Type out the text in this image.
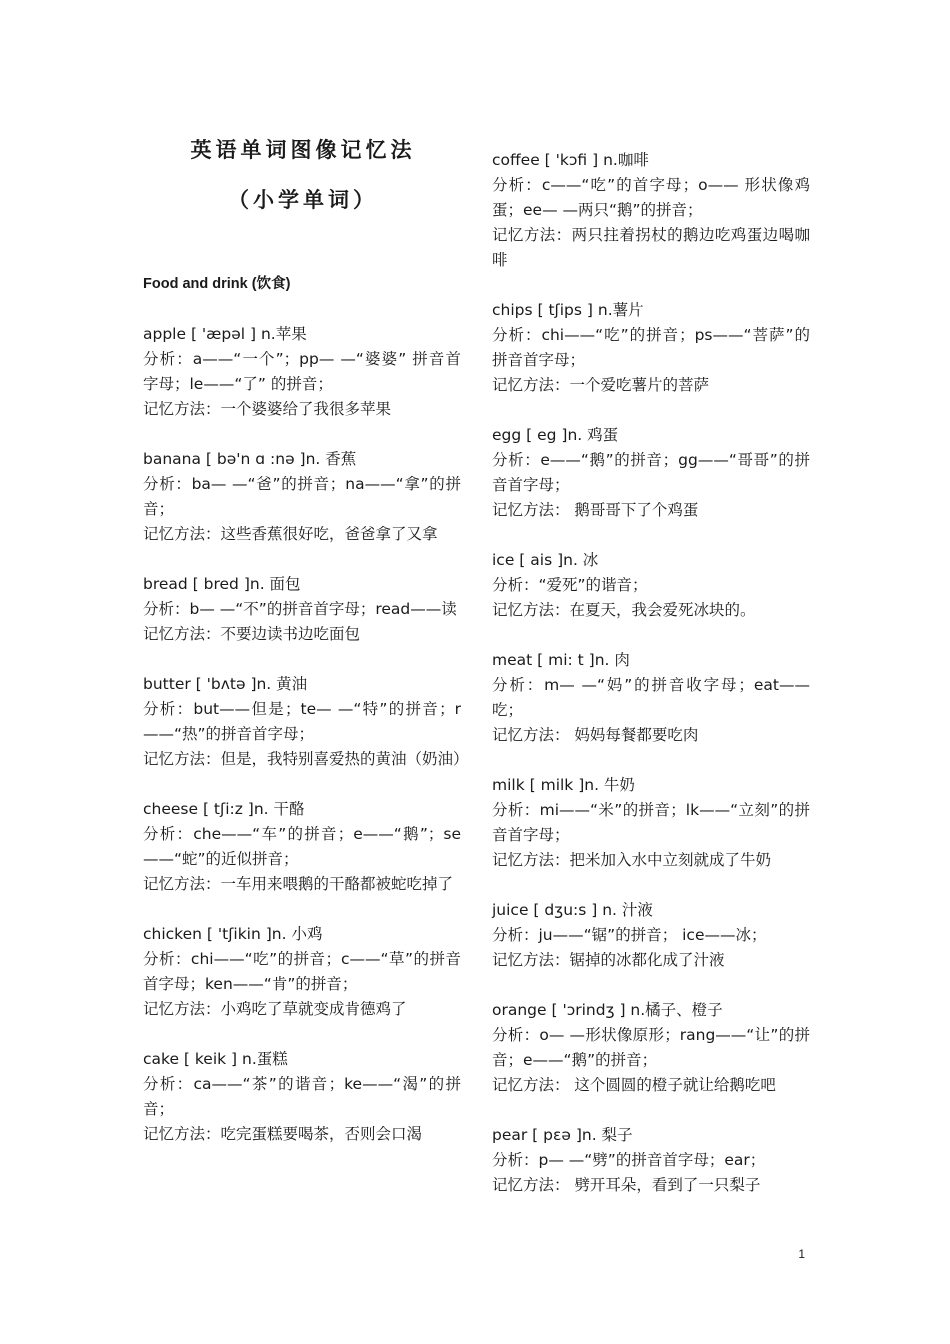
英语单词图像记忆法
（小学单词）
Food and drink (饮食)

apple [ 'æpəl ] n.苹果

分析：a——“一个”；pp— —“婆婆” 拼音首字母；le——“了” 的拼音；

记忆方法：一个婆婆给了我很多苹果

banana [ bə'n ɑ :nə ]n. 香蕉

分析：ba— —“爸”的拼音；na——“拿”的拼音；

记忆方法：这些香蕉很好吃，爸爸拿了又拿

bread [ bred ]n. 面包

分析：b— —“不”的拼音首字母；read——读

记忆方法：不要边读书边吃面包

butter [ 'bʌtə ]n. 黄油

分析：but——但是；te— —“特”的拼音；r——“热”的拼音首字母；

记忆方法：但是，我特别喜爱热的黄油（奶油）

cheese [ tʃi:z ]n. 干酪

分析：che——“车”的拼音；e——“鹅”；se——“蛇”的近似拼音；

记忆方法：一车用来喂鹅的干酪都被蛇吃掉了

chicken [ 'tʃikin ]n. 小鸡

分析：chi——“吃”的拼音；c——“草”的拼音首字母；ken——“肯”的拼音；

记忆方法：小鸡吃了草就变成肯德鸡了

cake [ keik ] n.蛋糕

分析：ca——“茶”的谐音；ke——“渴”的拼音；

记忆方法：吃完蛋糕要喝茶，否则会口渴

coffee [ 'kɔfi ] n.咖啡

分析：c——“吃”的首字母；o—— 形状像鸡蛋；ee— —两只“鹅”的拼音；

记忆方法：两只拄着拐杖的鹅边吃鸡蛋边喝咖啡

chips [ tʃips ] n.薯片

分析：chi——“吃”的拼音；ps——“菩萨”的拼音首字母；

记忆方法：一个爱吃薯片的菩萨

egg [ eg ]n. 鸡蛋

分析：e——“鹅”的拼音；gg——“哥哥”的拼音首字母；

记忆方法： 鹅哥哥下了个鸡蛋

ice [ ais ]n. 冰

分析：“爱死”的谐音；

记忆方法：在夏天，我会爱死冰块的。

meat [ mi: t ]n. 肉

分析：m— —“妈”的拼音收字母；eat——吃；

记忆方法： 妈妈每餐都要吃肉

milk [ milk ]n. 牛奶

分析：mi——“米”的拼音；lk——“立刻”的拼音首字母；

记忆方法：把米加入水中立刻就成了牛奶

juice [ dʒu:s ] n. 汁液

分析：ju——“锯”的拼音； ice——冰；

记忆方法：锯掉的冰都化成了汁液

orange [ 'ɔrindʒ ] n.橘子、橙子

分析：o— —形状像原形；rang——“让”的拼音；e——“鹅”的拼音；

记忆方法： 这个圆圆的橙子就让给鹅吃吧

pear [ pɛə ]n. 梨子

分析：p— —“劈”的拼音首字母；ear；

记忆方法： 劈开耳朵，看到了一只梨子

1
